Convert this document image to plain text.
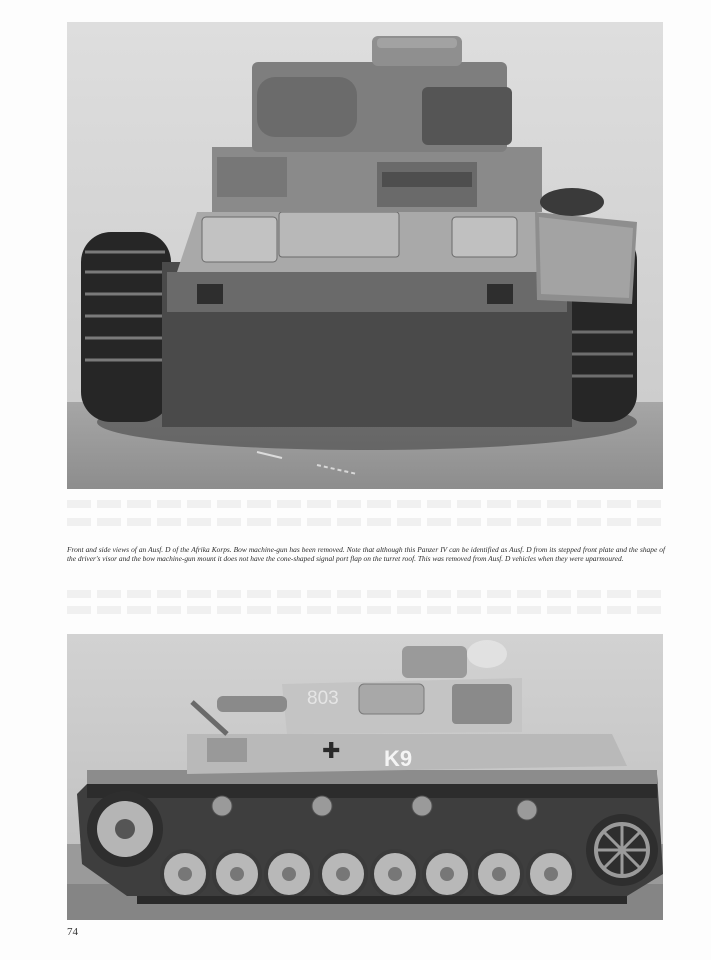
Front and side views of an Ausf. D of the Afrika Korps. Bow machine-gun has been removed. Note that although this Panzer IV can be identified as Ausf. D from its stepped front plate and the shape of the driver's visor and the bow machine-gun mount it does not have the cone-shaped signal port flap on the turret roof. This was removed from Ausf. D vehicles when they were uparmoured.

803
K9
✚
74
